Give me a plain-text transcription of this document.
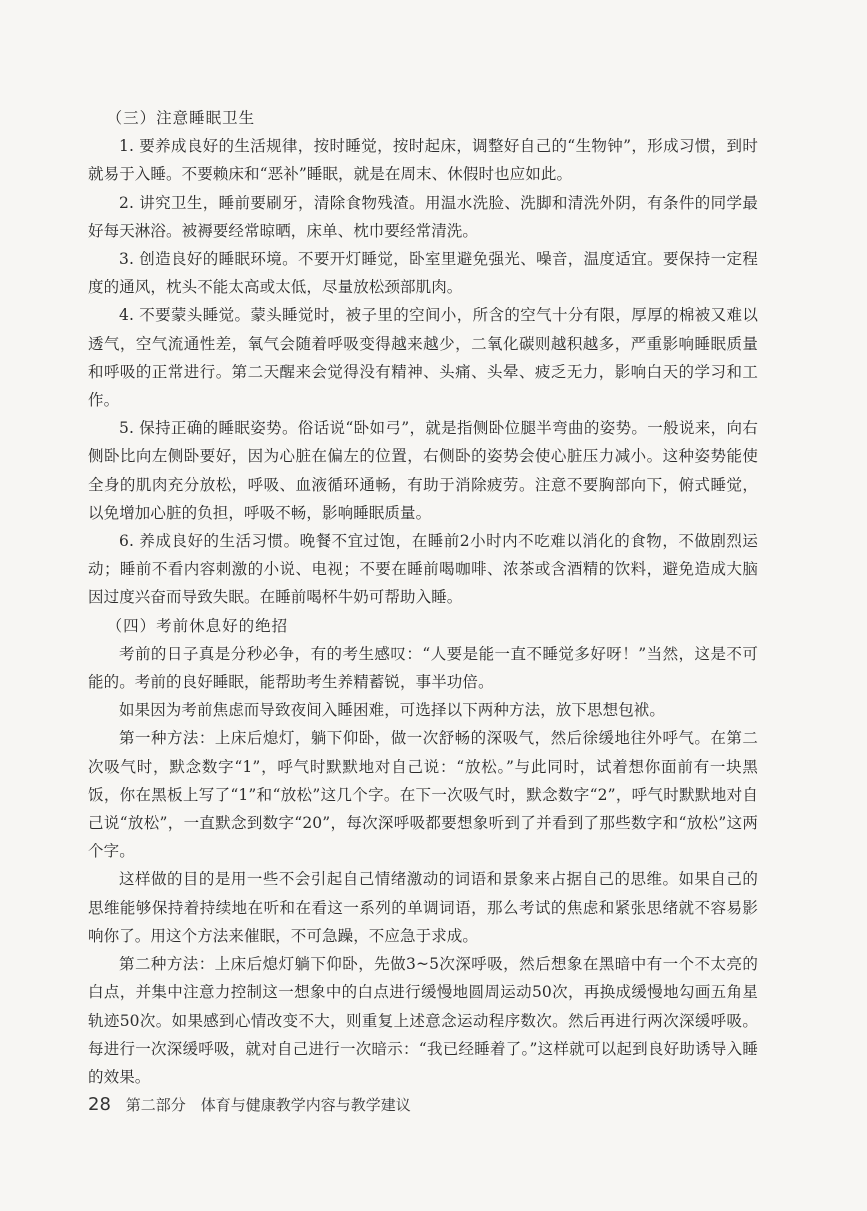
（三）注意睡眠卫生

1. 要养成良好的生活规律，按时睡觉，按时起床，调整好自己的“生物钟”，形成习惯，到时就易于入睡。不要赖床和“恶补”睡眠，就是在周末、休假时也应如此。

2. 讲究卫生，睡前要刷牙，清除食物残渣。用温水洗脸、洗脚和清洗外阴，有条件的同学最好每天淋浴。被褥要经常晾晒，床单、枕巾要经常清洗。

3. 创造良好的睡眠环境。不要开灯睡觉，卧室里避免强光、噪音，温度适宜。要保持一定程度的通风，枕头不能太高或太低，尽量放松颈部肌肉。

4. 不要蒙头睡觉。蒙头睡觉时，被子里的空间小，所含的空气十分有限，厚厚的棉被又难以透气，空气流通性差，氧气会随着呼吸变得越来越少，二氧化碳则越积越多，严重影响睡眠质量和呼吸的正常进行。第二天醒来会觉得没有精神、头痛、头晕、疲乏无力，影响白天的学习和工作。

5. 保持正确的睡眠姿势。俗话说“卧如弓”，就是指侧卧位腿半弯曲的姿势。一般说来，向右侧卧比向左侧卧要好，因为心脏在偏左的位置，右侧卧的姿势会使心脏压力减小。这种姿势能使全身的肌肉充分放松，呼吸、血液循环通畅，有助于消除疲劳。注意不要胸部向下，俯式睡觉，以免增加心脏的负担，呼吸不畅，影响睡眠质量。

6. 养成良好的生活习惯。晚餐不宜过饱，在睡前2小时内不吃难以消化的食物，不做剧烈运动；睡前不看内容刺激的小说、电视；不要在睡前喝咖啡、浓茶或含酒精的饮料，避免造成大脑因过度兴奋而导致失眠。在睡前喝杯牛奶可帮助入睡。

（四）考前休息好的绝招

考前的日子真是分秒必争，有的考生感叹：“人要是能一直不睡觉多好呀！”当然，这是不可能的。考前的良好睡眠，能帮助考生养精蓄锐，事半功倍。

如果因为考前焦虑而导致夜间入睡困难，可选择以下两种方法，放下思想包袱。

第一种方法：上床后熄灯，躺下仰卧，做一次舒畅的深吸气，然后徐缓地往外呼气。在第二次吸气时，默念数字“1”，呼气时默默地对自己说：“放松。”与此同时，试着想你面前有一块黑饭，你在黑板上写了“1”和“放松”这几个字。在下一次吸气时，默念数字“2”，呼气时默默地对自己说“放松”，一直默念到数字“20”，每次深呼吸都要想象听到了并看到了那些数字和“放松”这两个字。

这样做的目的是用一些不会引起自己情绪激动的词语和景象来占据自己的思维。如果自己的思维能够保持着持续地在听和在看这一系列的单调词语，那么考试的焦虑和紧张思绪就不容易影响你了。用这个方法来催眠，不可急躁，不应急于求成。

第二种方法：上床后熄灯躺下仰卧，先做3~5次深呼吸，然后想象在黑暗中有一个不太亮的白点，并集中注意力控制这一想象中的白点进行缓慢地圆周运动50次，再换成缓慢地勾画五角星轨迹50次。如果感到心情改变不大，则重复上述意念运动程序数次。然后再进行两次深缓呼吸。每进行一次深缓呼吸，就对自己进行一次暗示：“我已经睡着了。”这样就可以起到良好助诱导入睡的效果。

28 第二部分　体育与健康教学内容与教学建议
